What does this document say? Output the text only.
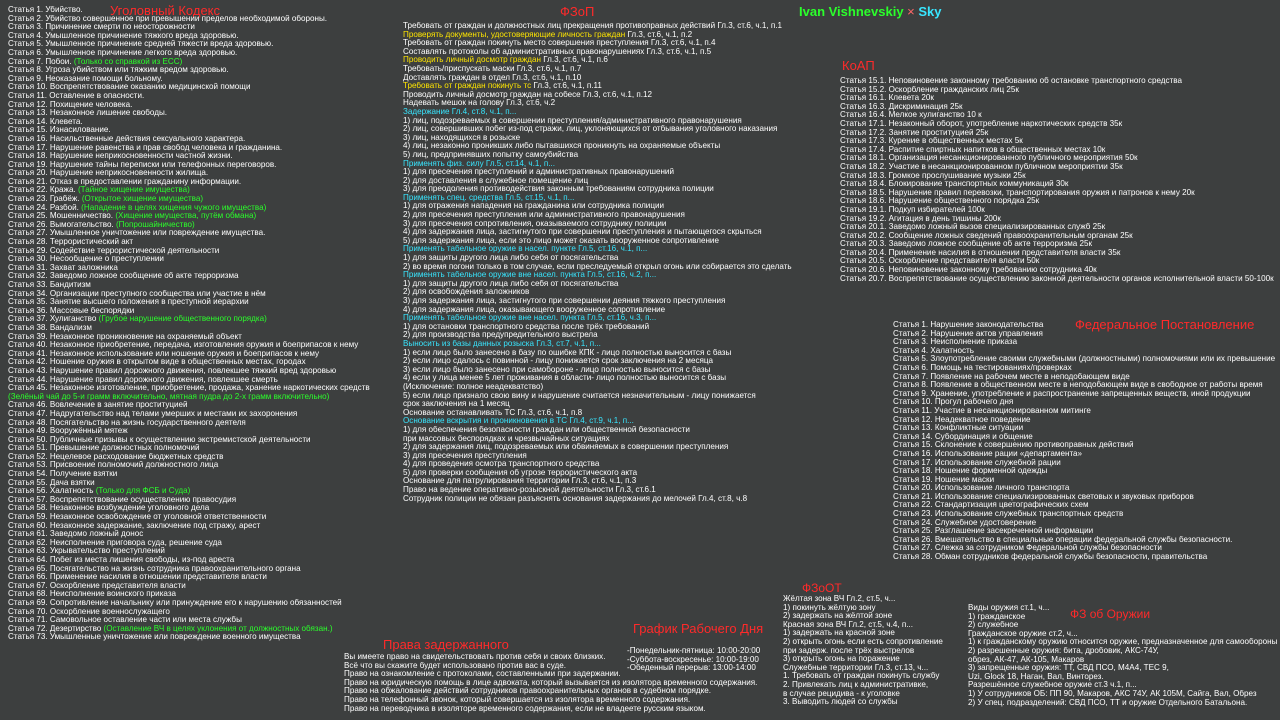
Ivan Vishnevskiy × Sky
Уголовный Кодекс	ФЗоП
КоАП
Федеральное Постановление
ФЗоОТ
ФЗ об Оружии
Права задержанного
График Рабочего Дня
Статья 1. Убийство.
Статья 2. Убийство совершенное при превышении пределов необходимой обороны.
Статья 3. Причинение смерти по неосторожности
Статья 4. Умышленное причинение тяжкого вреда здоровью.
Статья 5. Умышленное причинение средней тяжести вреда здоровью.
Статья 6. Умышленное причинение легкого вреда здоровью.
Статья 7. Побои. (Только со справкой из ЕСС)
Статья 8. Угроза убийством или тяжким вредом здоровью.
Статья 9. Неоказание помощи больному.
Статья 10. Воспрепятствование оказанию медицинской помощи
Статья 11. Оставление в опасности.
Статья 12. Похищение человека.
Статья 13. Незаконное лишение свободы.
Статья 14. Клевета.
Статья 15. Изнасилование.
Статья 16. Насильственные действия сексуального характера.
Статья 17. Нарушение равенства и прав свобод человека и гражданина.
Статья 18. Нарушение неприкосновенности частной жизни.
Статья 19. Нарушение тайны переписки или телефонных переговоров.
Статья 20. Нарушение неприкосновенности жилища.
Статья 21. Отказ в предоставлении гражданину информации.
Статья 22. Кража. (Тайное хищение имущества)
Статья 23. Грабёж. (Открытое хищение имущества)
Статья 24. Разбой. (Нападение в целях хищения чужого имущества)
Статья 25. Мошенничество. (Хищение имущества, путём обмана)
Статья 26. Вымогательство. (Попрошайничество)
Статья 27. Умышленное уничтожение или повреждение имущества.
Статья 28. Террористический акт
Статья 29. Содействие террористической деятельности
Статья 30. Несообщение о преступлении
Статья 31. Захват заложника
Статья 32. Заведомо ложное сообщение об акте терроризма
Статья 33. Бандитизм
Статья 34. Организации преступного сообщества или участие в нём
Статья 35. Занятие высшего положения в преступной иерархии
Статья 36. Массовые беспорядки
Статья 37. Хулиганство (Грубое нарушение общественного порядка)
Статья 38. Вандализм
Статья 39. Незаконное проникновение на охраняемый объект
Статья 40. Незаконное приобретение, передача, изготовления оружия и боеприпасов к нему
Статья 41. Незаконное использование или ношение оружия и боеприпасов к нему
Статья 42. Ношение оружия в открытом виде в общественных местах, городах
Статья 43. Нарушение правил дорожного движения, повлекшее тяжкий вред здоровью
Статья 44. Нарушение правил дорожного движения, повлекшее смерть
Статья 45. Незаконное изготовление, приобретение, продажа, хранение наркотических средств
(Зелёный чай до 5-и грамм включительно, мятная пудра до 2-х грамм включительно)
Статья 46. Вовлечение в занятие проституцией
Статья 47. Надругательство над телами умерших и местами их захоронения
Статья 48. Посягательство на жизнь государственного деятеля
Статья 49. Вооружённый мятеж
Статья 50. Публичные призывы к осуществлению экстремистской деятельности
Статья 51. Превышение должностных полномочий
Статья 52. Нецелевое расходование бюджетных средств
Статья 53. Присвоение полномочий должностного лица
Статья 54. Получение взятки
Статья 55. Дача взятки
Статья 56. Халатность (Только для ФСБ и Суда)
Статья 57. Воспрепятствование осуществлению правосудия
Статья 58. Незаконное возбуждение уголовного дела
Статья 59. Незаконное освобождение от уголовной ответственности
Статья 60. Незаконное задержание, заключение под стражу, арест
Статья 61. Заведомо ложный донос
Статья 62. Неисполнение приговора суда, решение суда
Статья 63. Укрывательство преступлений
Статья 64. Побег из места лишения свободы, из-под ареста
Статья 65. Посягательство на жизнь сотрудника правоохранительного органа
Статья 66. Применение насилия в отношении представителя власти
Статья 67. Оскорбление представителя власти
Статья 68. Неисполнение воинского приказа
Статья 69. Сопротивление начальнику или принуждение его к нарушению обязанностей
Статья 70. Оскорбление военнослужащего
Статья 71. Самовольное оставление части или места службы
Статья 72. Дезертирство (Оставление ВЧ в целях уклонения от должностных обязан.)
Статья 73. Умышленные уничтожение или повреждение военного имущества
Требовать от граждан и должностных лиц прекращения противоправных действий Гл.3, ст.6, ч.1, п.1
Проверять документы, удостоверяющие личность граждан Гл.3, ст.6, ч.1, п.2
Требовать от граждан покинуть место совершения преступления Гл.3, ст.6, ч.1, п.4
Составлять протоколы об административных правонарушениях Гл.3, ст.6, ч.1, п.5
Проводить личный досмотр граждан Гл.3, ст.6, ч.1, п.6
Требовать/приспускать маски Гл.3, ст.6, ч.1, п.7
Доставлять граждан в отдел Гл.3, ст.6, ч.1, п.10
Требовать от граждан покинуть тс Гл.3, ст.6, ч.1, п.11
Проводить личный досмотр граждан на собесе Гл.3, ст.6, ч.1, п.12
Надевать мешок на голову Гл.3, ст.6, ч.2
Задержание Гл.4, ст.8, ч.1, п...
1) лиц, подозреваемых в совершении преступления/административного правонарушения
2) лиц, совершивших побег из-под стражи, лиц, уклоняющихся от отбывания уголовного наказания
3) лиц, находящихся в розыске
4) лиц, незаконно проникших либо пытавшихся проникнуть на охраняемые объекты
5) лиц, предпринявших попытку самоубийства
Применять физ. силу Гл.5, ст.14, ч.1, п...
1) для пресечения преступлений и административных правонарушений
2) для доставления в служебное помещение лиц
3) для преодоления противодействия законным требованиям сотрудника полиции
Применять спец. средства Гл.5, ст.15, ч.1, п...
1) для отражения нападения на гражданина или сотрудника полиции
2) для пресечения преступления или административного правонарушения
3) для пресечения сопротивления, оказываемого сотруднику полиции
4) для задержания лица, застигнутого при совершении преступления и пытающегося скрыться
5) для задержания лица, если это лицо может оказать вооруженное сопротивление
Применять табельное оружие в насел. пункте Гл.5, ст.16, ч.1, п...
1) для защиты другого лица либо себя от посягательства
2) во время погони только в том случае, если преследуемый открыл огонь или собирается это сделать
Применять табельное оружие вне насел. пункта Гл.5, ст.16, ч.2, п...
1) для защиты другого лица либо себя от посягательства
2) для освобождения заложников
3) для задержания лица, застигнутого при совершении деяния тяжкого преступления
4) для задержания лица, оказывающего вооруженное сопротивление
Применять табельное оружие вне насел. пункта Гл.5, ст.16, ч.3, п...
1) для остановки транспортного средства после трёх требований
2) для производства предупредительного выстрела
Выносить из базы данных розыска Гл.3, ст.7, ч.1, п...
1) если лицо было занесено в базу по ошибке КПК - лицо полностью выносится с базы
2) если лицо сдалось с повинной - лицу понижается срок заключения на 2 месяца
3) если лицо было занесено при самобороне - лицо полностью выносится с базы
4) если у лица менее 5 лет проживания в области- лицо полностью выносится с базы
(Исключение: полное неадекватство)
5) если лицо признало свою вину и нарушение считается незначительным - лицу понижается
срок заключения на 1 месяц
Основание останавливать ТС Гл.3, ст.6, ч.1, п.8
Основание вскрытия и проникновения в ТС Гл.4, ст.9, ч.1, п...
1) для обеспечения безопасности граждан или общественной безопасности
при массовых беспорядках и чрезвычайных ситуациях
2) для задержания лиц, подозреваемых или обвиняемых в совершении преступления
3) для пресечения преступления
4) для проведения осмотра транспортного средства
5) для проверки сообщения об угрозе террористического акта
Основание для патрулирования территории Гл.3, ст.6, ч.1, п.3
Право на ведение оперативно-розыскной деятельности Гл.3, ст.6.1
Сотрудник полиции не обязан разъяснять основания задержания до мелочей Гл.4, ст.8, ч.8
Статья 15.1. Неповиновение законному требованию об остановке транспортного средства
Статья 15.2. Оскорбление гражданских лиц 25к
Статья 16.1. Клевета 20к
Статья 16.3. Дискриминация 25к
Статья 16.4. Мелкое хулиганство 10 к
Статья 17.1. Незаконный оборот, употребление наркотических средств 35к
Статья 17.2. Занятие проституцией 25к
Статья 17.3. Курение в общественных местах 5к
Статья 17.4. Распитие спиртных напитков в общественных местах 10к
Статья 18.1. Организация несанкционированного публичного мероприятия 50к
Статья 18.2. Участие в несанкционированном публичном мероприятии 35к
Статья 18.3. Громкое прослушивание музыки 25к
Статья 18.4. Блокирование транспортных коммуникаций 30к
Статья 18.5. Нарушение правил перевозки, транспортирования оружия и патронов к нему 20к
Статья 18.6. Нарушение общественного порядка 25к
Статья 19.1. Подкуп избирателей 100к
Статья 19.2. Агитация в день тишины 200к
Статья 20.1. Заведомо ложный вызов специализированных служб 25к
Статья 20.2. Сообщение ложных сведений правоохранительным органам 25к
Статья 20.3. Заведомо ложное сообщение об акте терроризма 25к
Статья 20.4. Применение насилия в отношении представителя власти 35к
Статья 20.5. Оскорбление представителя власти 50к
Статья 20.6. Неповиновение законному требованию сотрудника 40к
Статья 20.7. Воспрепятствование осуществлению законной деятельности органов исполнительной власти 50-100к
Статья 1. Нарушение законодательства
Статья 2. Нарушение актов управления
Статья 3. Неисполнение приказа
Статья 4. Халатность
Статья 5. Злоупотребление своими служебными (должностными) полномочиями или их превышение
Статья 6. Помощь на тестированиях/проверках
Статья 7. Появление на рабочем месте в неподобающем виде
Статья 8. Появление в общественном месте в неподобающем виде в свободное от работы время
Статья 9. Хранение, употребление и распространение запрещенных веществ, иной продукции
Статья 10. Прогул рабочего дня
Статья 11. Участие в несанкционированном митинге
Статья 12. Неадекватное поведение
Статья 13. Конфликтные ситуации
Статья 14. Субординация и общение
Статья 15. Склонение к совершению противоправных действий
Статья 16. Использование рации «департамента»
Статья 17. Использование служебной рации
Статья 18. Ношение форменной одежды
Статья 19. Ношение маски
Статья 20. Использование личного транспорта
Статья 21. Использование специализированных световых и звуковых приборов
Статья 22. Стандартизация цветографических схем
Статья 23. Использование служебных транспортных средств
Статья 24. Служебное удостоверение
Статья 25. Разглашение засекреченной информации
Статья 26. Вмешательство в специальные операции федеральной службы безопасности.
Статья 27. Слежка за сотрудником Федеральной службы безопасности
Статья 28. Обман сотрудников федеральной службы безопасности, правительства
Жёлтая зона ВЧ Гл.2, ст.5, ч...
1) покинуть жёлтую зону
2) задержать на жёлтой зоне
Красная зона ВЧ Гл.2, ст.5, ч.4, п...
1) задержать на красной зоне
2) открыть огонь если есть сопротивление
при задерж. после трёх выстрелов
3) открыть огонь на поражение
Служебные территории Гл.3, ст.13, ч...
1. Требовать от граждан покинуть службу
2. Привлекать лиц к административке,
в случае рецидива - к уголовке
3. Выводить людей со службы
Виды оружия ст.1, ч...
1) гражданское
2) служебное
Гражданское оружие ст.2, ч...
1) к гражданскому оружию относится оружие, предназначенное для самообороны
2) разрешенные оружия: бита, дробовик, АКС-74У,
обрез, АК-47, АК-105, Макаров
3) запрещенные оружия: ТТ, СВД ПСО, М4А4, TEC 9,
Uzi, Glock 18, Наган, Вал, Винторез.
Разрешённое служебное оружие ст.3 ч.1, п...
1) У сотрудников ОБ: ПП 90, Макаров, АКС 74У, АК 105М, Сайга, Вал, Обрез
2) У спец. подразделений: СВД ПСО, ТТ и оружие Отдельного Батальона.
Вы имеете право на свидетельствовать против себя и своих близких.
Всё что вы скажите будет использовано против вас в суде.
Право на ознакомление с протоколами, составленными при задержании.
Право на юридическую помощь в лице адвоката, который вызывается из изолятора временного содержания.
Право на обжалование действий сотрудников правоохранительных органов в судебном порядке.
Право на телефонный звонок, который совершается из изолятора временного содержания.
Право на переводчика в изоляторе временного содержания, если не владеете русским языком.
-Понедельник-пятница: 10:00-20:00
-Суббота-воскресенье: 10:00-19:00
-Обеденный перерыв: 13:00-14:00
